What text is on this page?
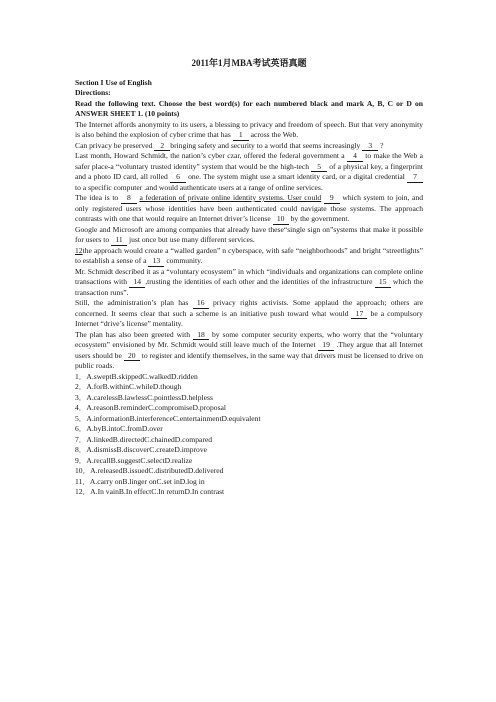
2011年1月MBA考试英语真题

Section I Use of English

Directions:

Read the following text. Choose the best word(s) for each numbered black and mark A, B, C or D on ANSWER SHEET 1. (10 points)

The Internet affords anonymity to its users, a blessing to privacy and freedom of speech. But that very anonymity is also behind the explosion of cyber crime that has 1 across the Web.

Can privacy be preserved 2 bringing safety and security to a world that seems increasingly 3 ?

Last month, Howard Schmidt, the nation’s cyber czar, offered the federal government a 4 to make the Web a safer place-a “voluntary trusted identity” system that would be the high-tech 5 of a physical key, a fingerprint and a photo ID card, all rolled 6 one. The system might use a smart identity card, or a digital credential 7 to a specific computer .and would authenticate users at a range of online services.

The idea is to 8 a federation of private online identity systems. User could 9 which system to join, and only registered users whose identities have been authenticated could navigate those systems. The approach contrasts with one that would require an Internet driver’s license 10 by the government.

Google and Microsoft are among companies that already have these“single sign on”systems that make it possible for users to 11 just once but use many different services.

12the approach would create a “walled garden” n cyberspace, with safe “neighborhoods” and bright “streetlights” to establish a sense of a 13 community.

Mr. Schmidt described it as a “voluntary ecosystem” in which “individuals and organizations can complete online transactions with 14 ,trusting the identities of each other and the identities of the infrastructure 15 which the transaction runs”.

Still, the administration’s plan has 16 privacy rights activists. Some applaud the approach; others are concerned. It seems clear that such a scheme is an initiative push toward what would 17 be a compulsory Internet “drive’s license” mentality.

The plan has also been greeted with 18 by some computer security experts, who worry that the “voluntary ecosystem” envisioned by Mr. Schmidt would still leave much of the Internet 19 .They argue that all Internet users should be 20 to register and identify themselves, in the same way that drivers must be licensed to drive on public roads.

1．A.sweptB.skippedC.walkedD.ridden

2．A.forB.withinC.whileD.though

3．A.carelessB.lawlessC.pointlessD.helpless

4．A.reasonB.reminderC.compromiseD.proposal

5．A.informationB.interferenceC.entertainmentD.equivalent

6．A.byB.intoC.fromD.over

7．A.linkedB.directedC.chainedD.compared

8．A.dismissB.discoverC.createD.improve

9．A.recallB.suggestC.selectD.realize

10．A.releasedB.issuedC.distributedD.delivered

11．A.carry onB.linger onC.set inD.log in

12．A.In vainB.In effectC.In returnD.In contrast
